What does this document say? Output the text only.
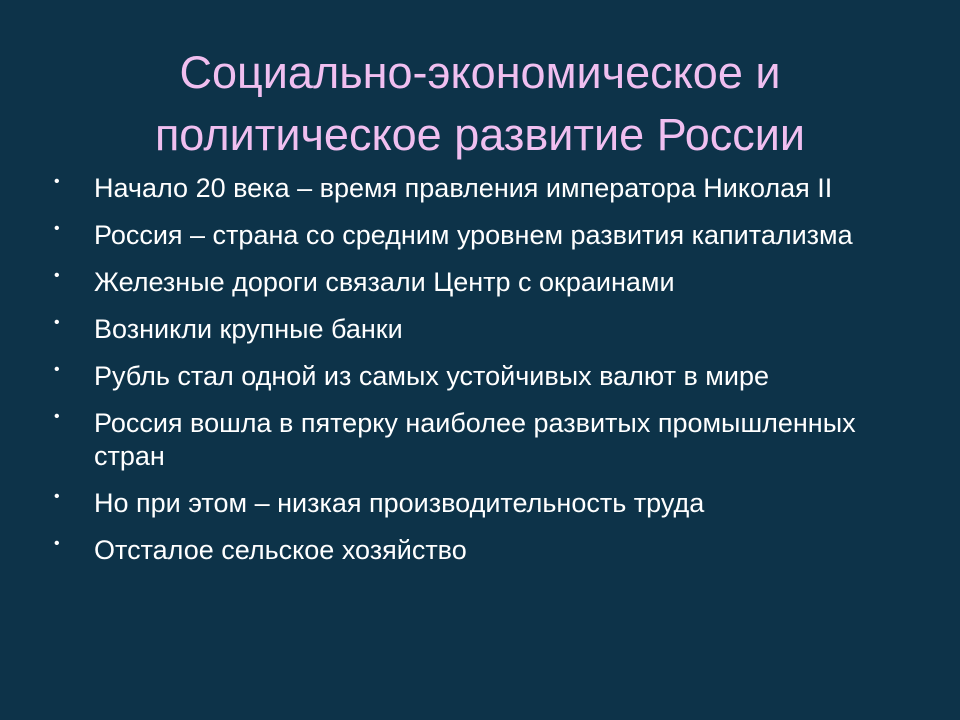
Социально-экономическое и
политическое развитие России
• Начало 20 века – время правления императора Николая II
• Россия – страна со средним уровнем развития капитализма
• Железные дороги связали Центр с окраинами
• Возникли крупные банки
• Рубль стал одной из самых устойчивых валют в мире
• Россия вошла в пятерку наиболее развитых промышленных стран
• Но при этом – низкая производительность труда
• Отсталое сельское хозяйство
